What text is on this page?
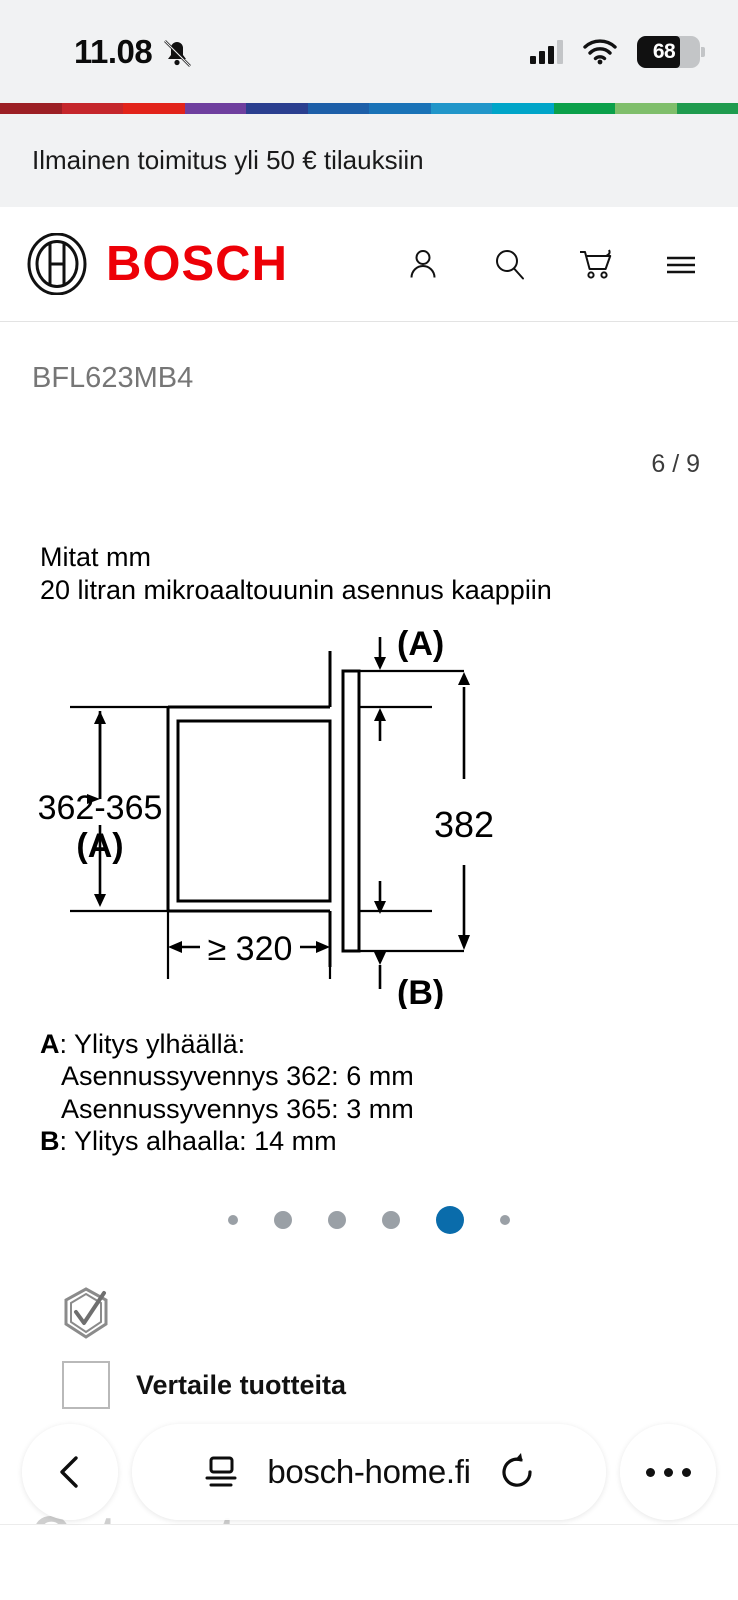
11.08	68
Ilmainen toimitus yli 50 € tilauksiin
BOSCH
BFL623MB4
6 / 9
Mitat mm
20 litran mikroaaltouunin asennus kaappiin
362-365
(A)
≥ 320
(A)
(B)
382
A: Ylitys ylhäällä:
Asennussyvennys 362: 6 mm
Asennussyvennys 365: 3 mm
B: Ylitys alhaalla: 14 mm
Vertaile tuotteita
bosch-home.fi
